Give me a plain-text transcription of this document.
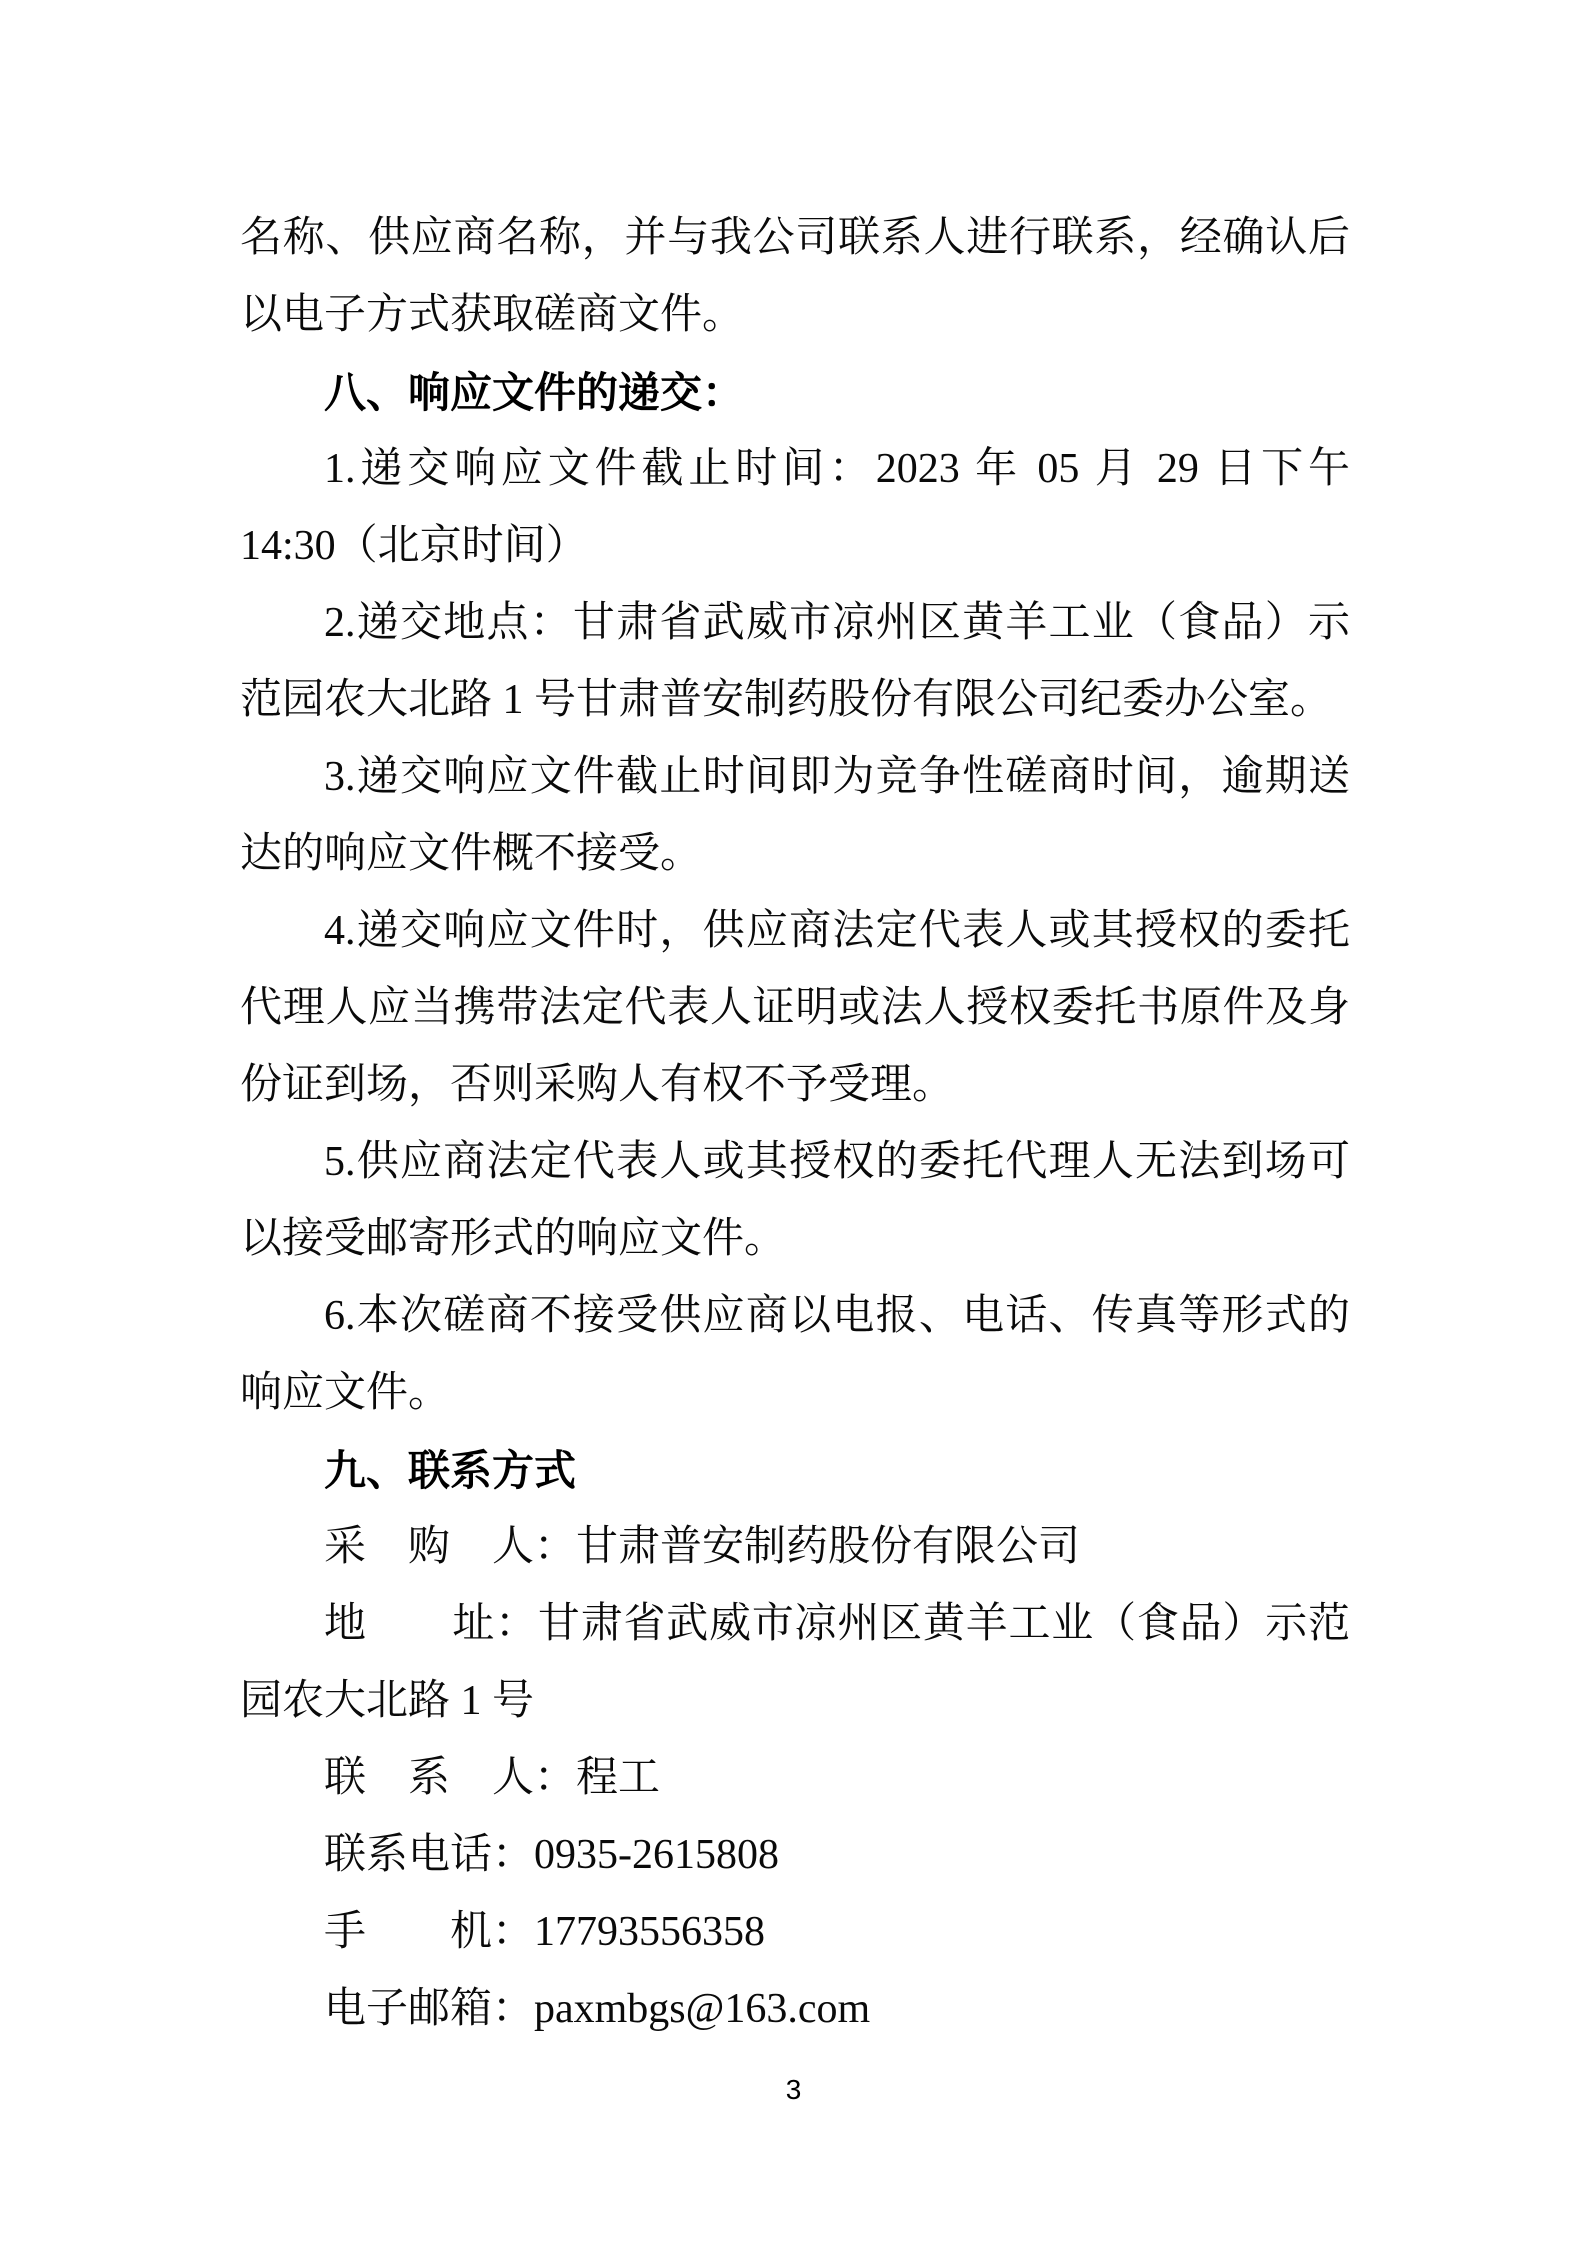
名称、供应商名称，并与我公司联系人进行联系，经确认后以电子方式获取磋商文件。

八、响应文件的递交：

1.递交响应文件截止时间：2023 年 05 月 29 日下午 14:30（北京时间）

2.递交地点：甘肃省武威市凉州区黄羊工业（食品）示范园农大北路 1 号甘肃普安制药股份有限公司纪委办公室。

3.递交响应文件截止时间即为竞争性磋商时间，逾期送达的响应文件概不接受。

4.递交响应文件时，供应商法定代表人或其授权的委托代理人应当携带法定代表人证明或法人授权委托书原件及身份证到场，否则采购人有权不予受理。

5.供应商法定代表人或其授权的委托代理人无法到场可以接受邮寄形式的响应文件。

6.本次磋商不接受供应商以电报、电话、传真等形式的响应文件。

九、联系方式

采　购　人：甘肃普安制药股份有限公司

地　　址：甘肃省武威市凉州区黄羊工业（食品）示范园农大北路 1 号

联　系　人：程工

联系电话：0935-2615808

手　　机：17793556358

电子邮箱：paxmbgs@163.com

3
